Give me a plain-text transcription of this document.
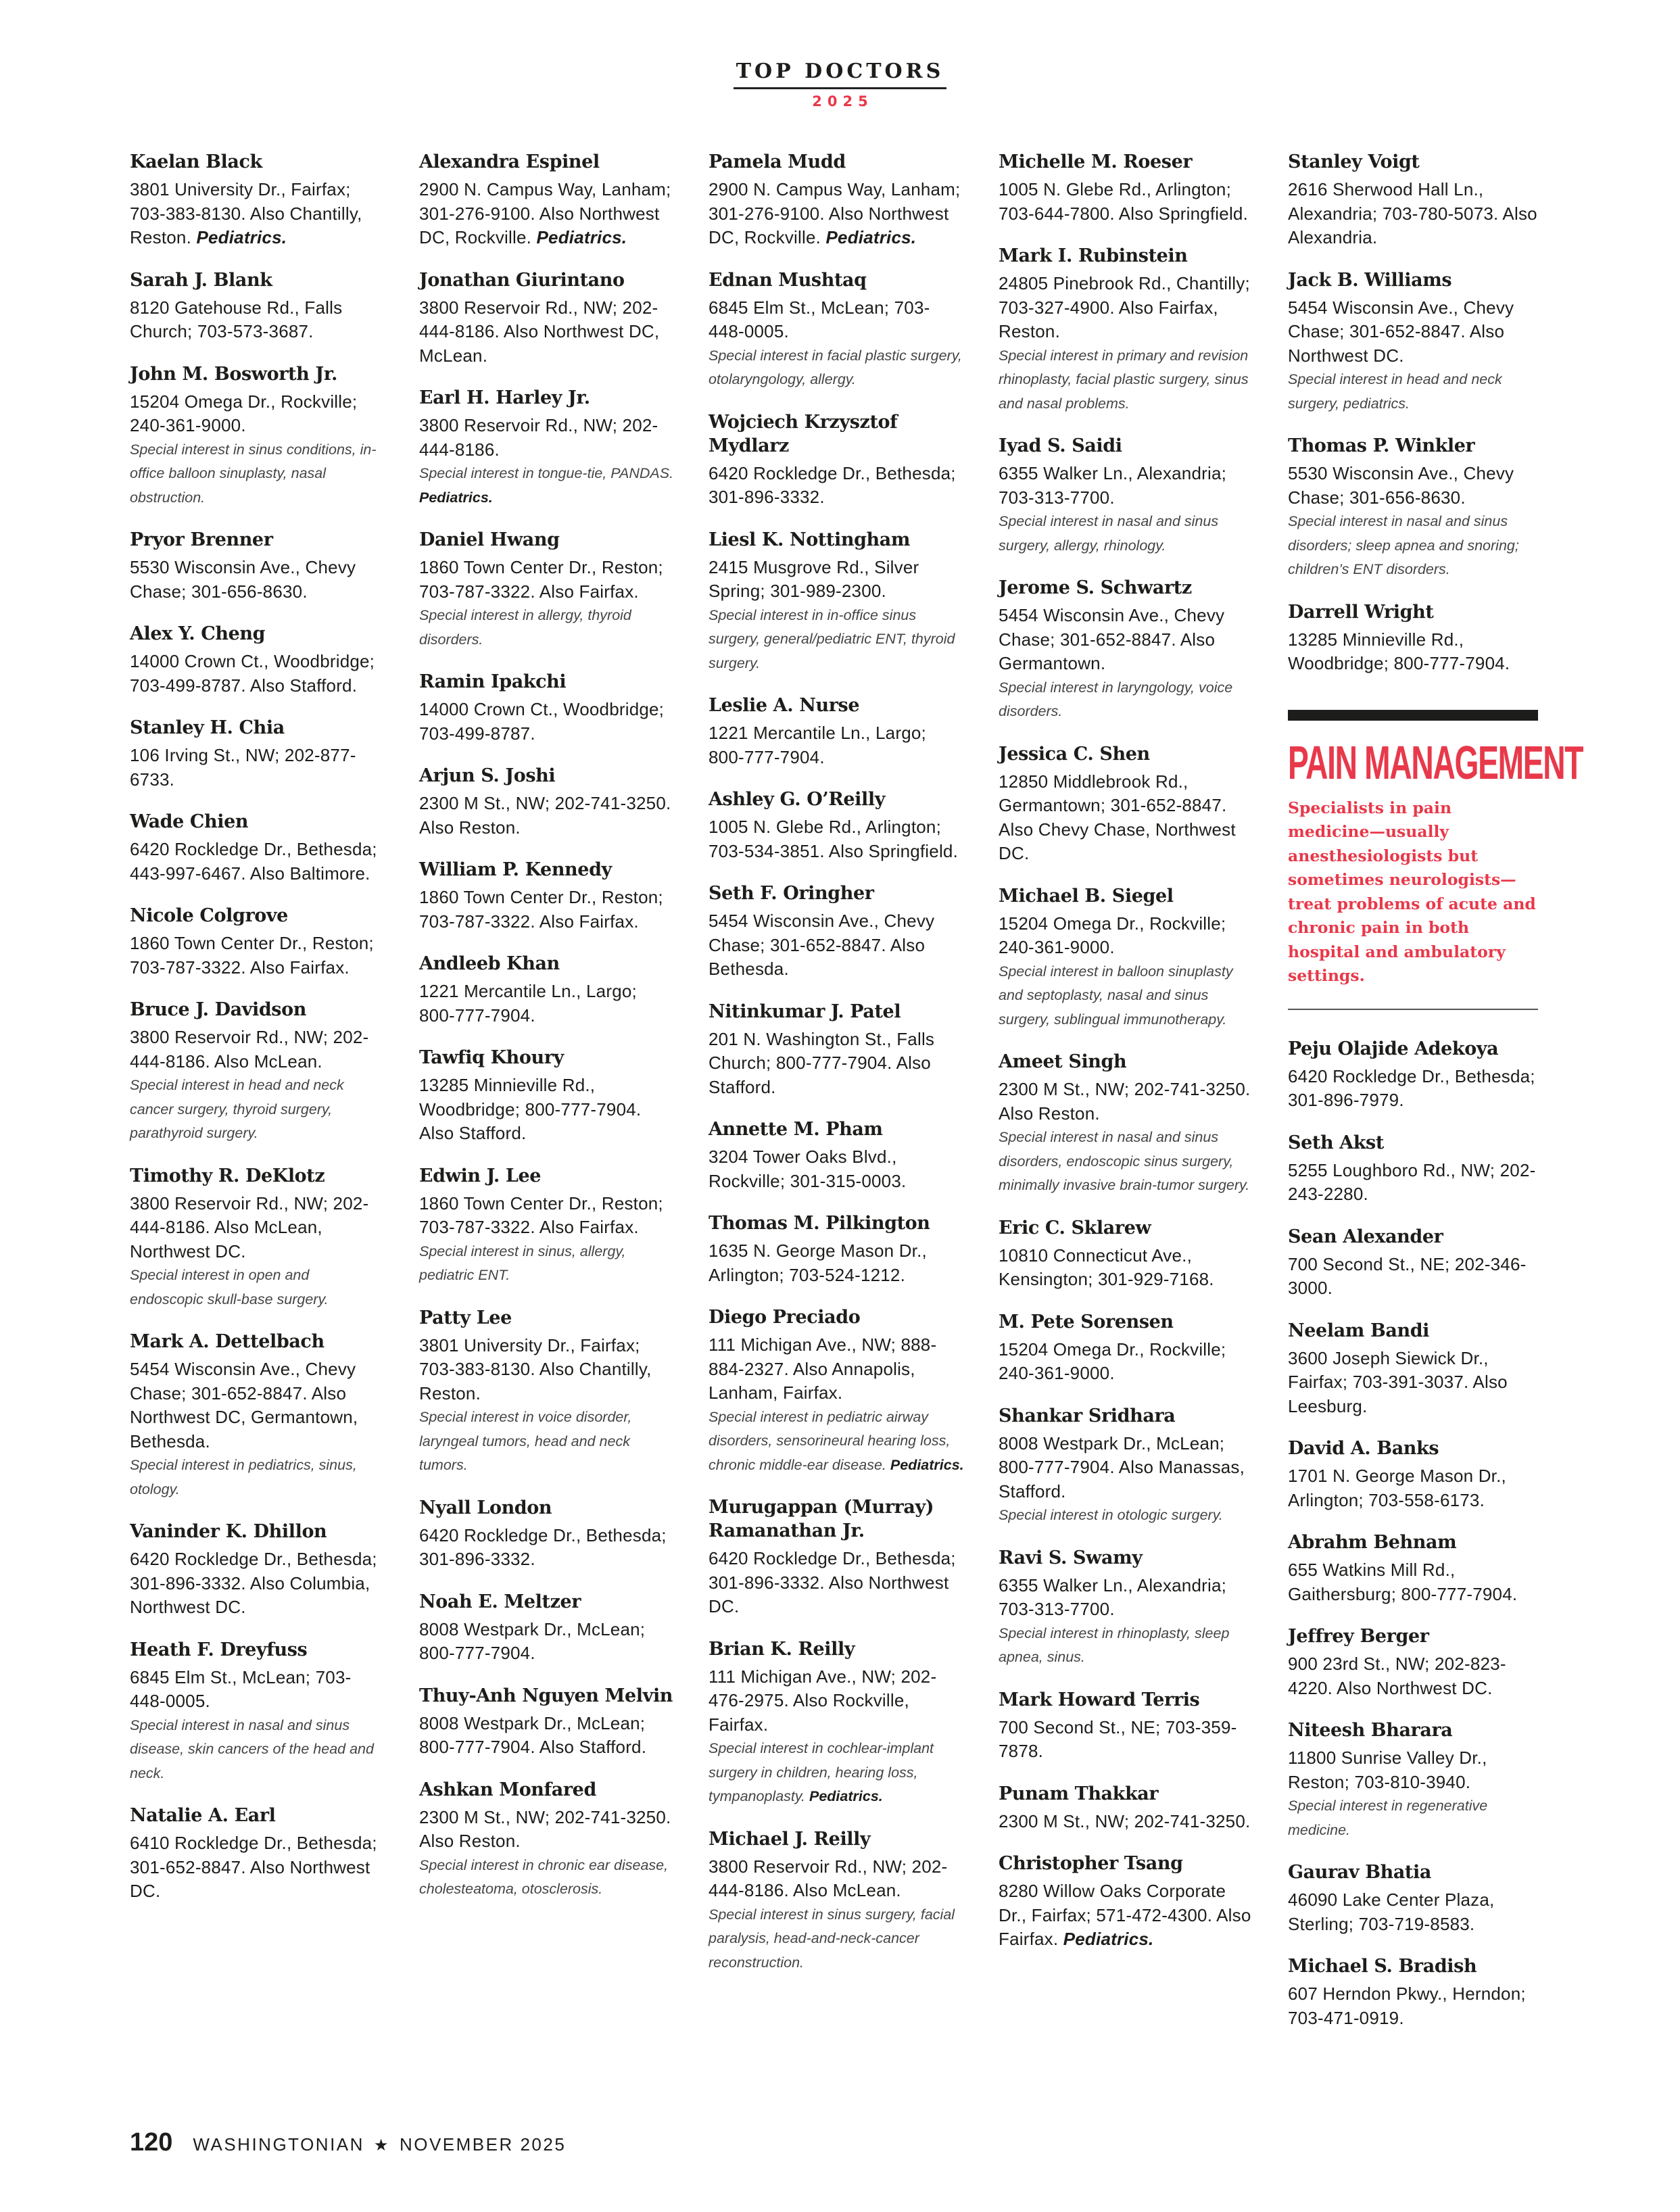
TOP DOCTORS
2025
Kaelan Black
3801 University Dr., Fairfax; 703-383-8130. Also Chantilly, Reston. Pediatrics.
Sarah J. Blank
8120 Gatehouse Rd., Falls Church; 703-573-3687.
John M. Bosworth Jr.
15204 Omega Dr., Rockville; 240-361-9000.
Special interest in sinus conditions, in-office balloon sinuplasty, nasal obstruction.
Pryor Brenner
5530 Wisconsin Ave., Chevy Chase; 301-656-8630.
Alex Y. Cheng
14000 Crown Ct., Woodbridge; 703-499-8787. Also Stafford.
Stanley H. Chia
106 Irving St., NW; 202-877-6733.
Wade Chien
6420 Rockledge Dr., Bethesda; 443-997-6467. Also Baltimore.
Nicole Colgrove
1860 Town Center Dr., Reston; 703-787-3322. Also Fairfax.
Bruce J. Davidson
3800 Reservoir Rd., NW; 202-444-8186. Also McLean.
Special interest in head and neck cancer surgery, thyroid surgery, parathyroid surgery.
Timothy R. DeKlotz
3800 Reservoir Rd., NW; 202-444-8186. Also McLean, Northwest DC.
Special interest in open and endoscopic skull-base surgery.
Mark A. Dettelbach
5454 Wisconsin Ave., Chevy Chase; 301-652-8847. Also Northwest DC, Germantown, Bethesda.
Special interest in pediatrics, sinus, otology.
Vaninder K. Dhillon
6420 Rockledge Dr., Bethesda; 301-896-3332. Also Columbia, Northwest DC.
Heath F. Dreyfuss
6845 Elm St., McLean; 703-448-0005.
Special interest in nasal and sinus disease, skin cancers of the head and neck.
Natalie A. Earl
6410 Rockledge Dr., Bethesda; 301-652-8847. Also Northwest DC.
Alexandra Espinel
2900 N. Campus Way, Lanham; 301-276-9100. Also Northwest DC, Rockville. Pediatrics.
Jonathan Giurintano
3800 Reservoir Rd., NW; 202-444-8186. Also Northwest DC, McLean.
Earl H. Harley Jr.
3800 Reservoir Rd., NW; 202-444-8186.
Special interest in tongue-tie, PANDAS. Pediatrics.
Daniel Hwang
1860 Town Center Dr., Reston; 703-787-3322. Also Fairfax.
Special interest in allergy, thyroid disorders.
Ramin Ipakchi
14000 Crown Ct., Woodbridge; 703-499-8787.
Arjun S. Joshi
2300 M St., NW; 202-741-3250. Also Reston.
William P. Kennedy
1860 Town Center Dr., Reston; 703-787-3322. Also Fairfax.
Andleeb Khan
1221 Mercantile Ln., Largo; 800-777-7904.
Tawfiq Khoury
13285 Minnieville Rd., Woodbridge; 800-777-7904. Also Stafford.
Edwin J. Lee
1860 Town Center Dr., Reston; 703-787-3322. Also Fairfax.
Special interest in sinus, allergy, pediatric ENT.
Patty Lee
3801 University Dr., Fairfax; 703-383-8130. Also Chantilly, Reston.
Special interest in voice disorder, laryngeal tumors, head and neck tumors.
Nyall London
6420 Rockledge Dr., Bethesda; 301-896-3332.
Noah E. Meltzer
8008 Westpark Dr., McLean; 800-777-7904.
Thuy-Anh Nguyen Melvin
8008 Westpark Dr., McLean; 800-777-7904. Also Stafford.
Ashkan Monfared
2300 M St., NW; 202-741-3250. Also Reston.
Special interest in chronic ear disease, cholesteatoma, otosclerosis.
Pamela Mudd
2900 N. Campus Way, Lanham; 301-276-9100. Also Northwest DC, Rockville. Pediatrics.
Ednan Mushtaq
6845 Elm St., McLean; 703-448-0005.
Special interest in facial plastic surgery, otolaryngology, allergy.
Wojciech Krzysztof Mydlarz
6420 Rockledge Dr., Bethesda; 301-896-3332.
Liesl K. Nottingham
2415 Musgrove Rd., Silver Spring; 301-989-2300.
Special interest in in-office sinus surgery, general/pediatric ENT, thyroid surgery.
Leslie A. Nurse
1221 Mercantile Ln., Largo; 800-777-7904.
Ashley G. O’Reilly
1005 N. Glebe Rd., Arlington; 703-534-3851. Also Springfield.
Seth F. Oringher
5454 Wisconsin Ave., Chevy Chase; 301-652-8847. Also Bethesda.
Nitinkumar J. Patel
201 N. Washington St., Falls Church; 800-777-7904. Also Stafford.
Annette M. Pham
3204 Tower Oaks Blvd., Rockville; 301-315-0003.
Thomas M. Pilkington
1635 N. George Mason Dr., Arlington; 703-524-1212.
Diego Preciado
111 Michigan Ave., NW; 888-884-2327. Also Annapolis, Lanham, Fairfax.
Special interest in pediatric airway disorders, sensorineural hearing loss, chronic middle-ear disease. Pediatrics.
Murugappan (Murray) Ramanathan Jr.
6420 Rockledge Dr., Bethesda; 301-896-3332. Also Northwest DC.
Brian K. Reilly
111 Michigan Ave., NW; 202-476-2975. Also Rockville, Fairfax.
Special interest in cochlear-implant surgery in children, hearing loss, tympanoplasty. Pediatrics.
Michael J. Reilly
3800 Reservoir Rd., NW; 202-444-8186. Also McLean.
Special interest in sinus surgery, facial paralysis, head-and-neck-cancer reconstruction.
Michelle M. Roeser
1005 N. Glebe Rd., Arlington; 703-644-7800. Also Springfield.
Mark I. Rubinstein
24805 Pinebrook Rd., Chantilly; 703-327-4900. Also Fairfax, Reston.
Special interest in primary and revision rhinoplasty, facial plastic surgery, sinus and nasal problems.
Iyad S. Saidi
6355 Walker Ln., Alexandria; 703-313-7700.
Special interest in nasal and sinus surgery, allergy, rhinology.
Jerome S. Schwartz
5454 Wisconsin Ave., Chevy Chase; 301-652-8847. Also Germantown.
Special interest in laryngology, voice disorders.
Jessica C. Shen
12850 Middlebrook Rd., Germantown; 301-652-8847. Also Chevy Chase, Northwest DC.
Michael B. Siegel
15204 Omega Dr., Rockville; 240-361-9000.
Special interest in balloon sinuplasty and septoplasty, nasal and sinus surgery, sublingual immunotherapy.
Ameet Singh
2300 M St., NW; 202-741-3250. Also Reston.
Special interest in nasal and sinus disorders, endoscopic sinus surgery, minimally invasive brain-tumor surgery.
Eric C. Sklarew
10810 Connecticut Ave., Kensington; 301-929-7168.
M. Pete Sorensen
15204 Omega Dr., Rockville; 240-361-9000.
Shankar Sridhara
8008 Westpark Dr., McLean; 800-777-7904. Also Manassas, Stafford.
Special interest in otologic surgery.
Ravi S. Swamy
6355 Walker Ln., Alexandria; 703-313-7700.
Special interest in rhinoplasty, sleep apnea, sinus.
Mark Howard Terris
700 Second St., NE; 703-359-7878.
Punam Thakkar
2300 M St., NW; 202-741-3250.
Christopher Tsang
8280 Willow Oaks Corporate Dr., Fairfax; 571-472-4300. Also Fairfax. Pediatrics.
Stanley Voigt
2616 Sherwood Hall Ln., Alexandria; 703-780-5073. Also Alexandria.
Jack B. Williams
5454 Wisconsin Ave., Chevy Chase; 301-652-8847. Also Northwest DC.
Special interest in head and neck surgery, pediatrics.
Thomas P. Winkler
5530 Wisconsin Ave., Chevy Chase; 301-656-8630.
Special interest in nasal and sinus disorders; sleep apnea and snoring; children’s ENT disorders.
Darrell Wright
13285 Minnieville Rd., Woodbridge; 800-777-7904.
PAIN MANAGEMENT
Specialists in pain medicine—usually anesthesiologists but sometimes neurologists—treat problems of acute and chronic pain in both hospital and ambulatory settings.
Peju Olajide Adekoya
6420 Rockledge Dr., Bethesda; 301-896-7979.
Seth Akst
5255 Loughboro Rd., NW; 202-243-2280.
Sean Alexander
700 Second St., NE; 202-346-3000.
Neelam Bandi
3600 Joseph Siewick Dr., Fairfax; 703-391-3037. Also Leesburg.
David A. Banks
1701 N. George Mason Dr., Arlington; 703-558-6173.
Abrahm Behnam
655 Watkins Mill Rd., Gaithersburg; 800-777-7904.
Jeffrey Berger
900 23rd St., NW; 202-823-4220. Also Northwest DC.
Niteesh Bharara
11800 Sunrise Valley Dr., Reston; 703-810-3940.
Special interest in regenerative medicine.
Gaurav Bhatia
46090 Lake Center Plaza, Sterling; 703-719-8583.
Michael S. Bradish
607 Herndon Pkwy., Herndon; 703-471-0919.
120 WASHINGTONIAN ★ NOVEMBER 2025
